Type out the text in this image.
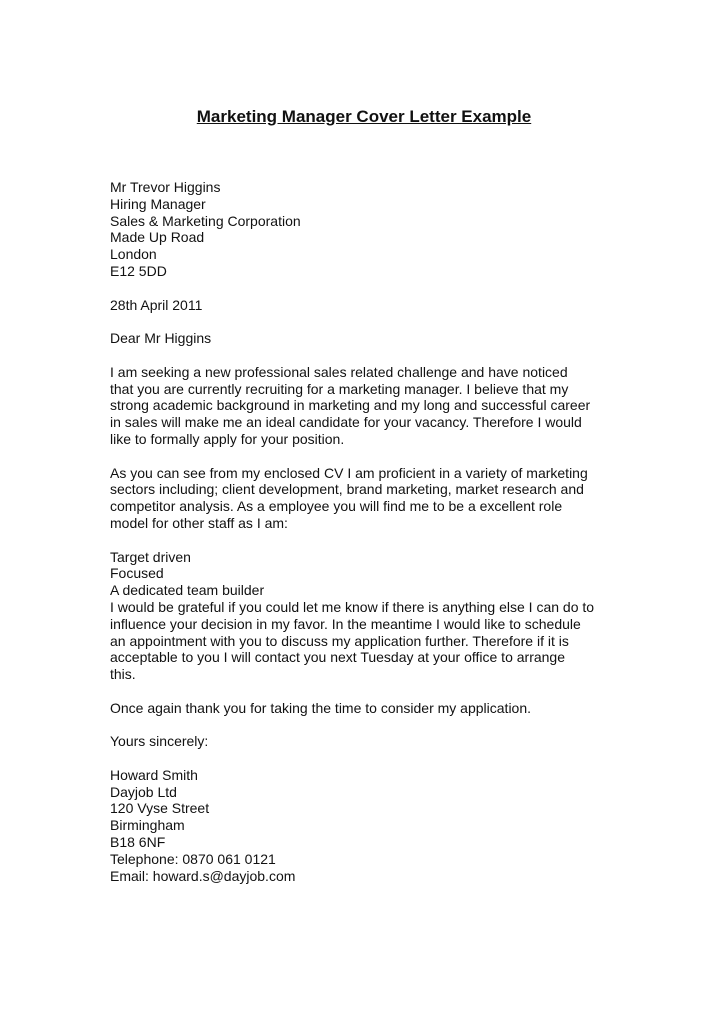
Marketing Manager Cover Letter Example
Mr Trevor Higgins
Hiring Manager
Sales & Marketing Corporation
Made Up Road
London
E12 5DD
28th April 2011
Dear Mr Higgins
I am seeking a new professional sales related challenge and have noticed
that you are currently recruiting for a marketing manager. I believe that my
strong academic background in marketing and my long and successful career
in sales will make me an ideal candidate for your vacancy. Therefore I would
like to formally apply for your position.
As you can see from my enclosed CV I am proficient in a variety of marketing
sectors including; client development, brand marketing, market research and
competitor analysis. As a employee you will find me to be a excellent role
model for other staff as I am:
Target driven
Focused
A dedicated team builder
I would be grateful if you could let me know if there is anything else I can do to
influence your decision in my favor. In the meantime I would like to schedule
an appointment with you to discuss my application further. Therefore if it is
acceptable to you I will contact you next Tuesday at your office to arrange
this.
Once again thank you for taking the time to consider my application.
Yours sincerely:
Howard Smith
Dayjob Ltd
120 Vyse Street
Birmingham
B18 6NF
Telephone: 0870 061 0121
Email: howard.s@dayjob.com
